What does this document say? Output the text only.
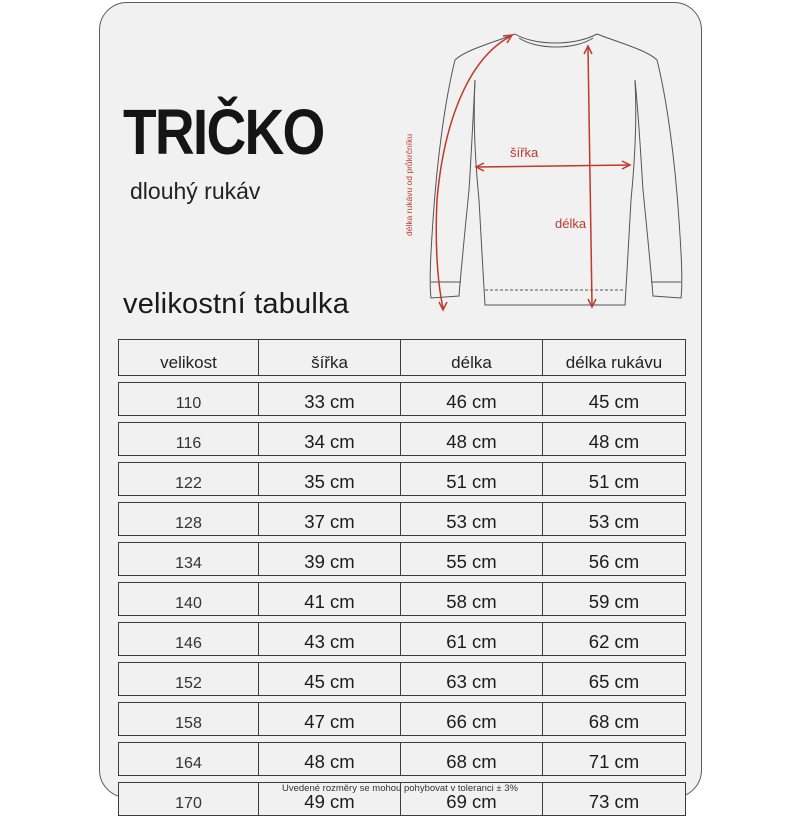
TRIČKO

dlouhý rukáv

šířka
délka
délka rukávu od průkrčníku
velikostní tabulka
velikost	šířka	délka	délka rukávu
110	33 cm	46 cm	45 cm
116	34 cm	48 cm	48 cm
122	35 cm	51 cm	51 cm
128	37 cm	53 cm	53 cm
134	39 cm	55 cm	56 cm
140	41 cm	58 cm	59 cm
146	43 cm	61 cm	62 cm
152	45 cm	63 cm	65 cm
158	47 cm	66 cm	68 cm
164	48 cm	68 cm	71 cm
170	49 cm	69 cm	73 cm

Uvedené rozměry se mohou pohybovat v toleranci ± 3%
